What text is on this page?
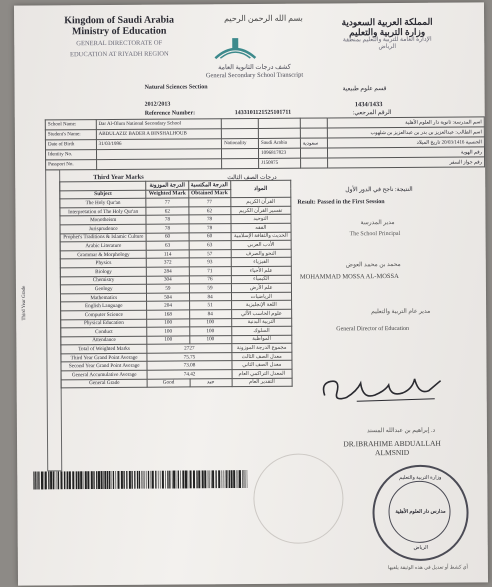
بسم الله الرحمن الرحيم
Kingdom of Saudi Arabia
Ministry of Education
GENERAL DIRECTORATE OF
EDUCATION AT RIYADH REGION
المملكة العربية السعودية
وزارة التربية والتعليم
الإدارة العامة للتربية والتعليم بمنطقة
الرياض
كشف درجات الثانوية العامة
General Secondary School Transcript
Natural Sciences Section	قسم علوم طبيعية
2012/2013	1434/1433
Reference Number:	1433101121525101711	الرقم المرجعي:
School Name:	Dar Al-Olum National Secondary School				اسم المدرسة: ثانوية دار العلوم الأهلية
Student's Name:	ABDULAZIZ BADER A BINSHALHOUB				اسم الطالب: عبدالعزيز بن بدر بن عبدالعزيز بن شلهوب
Date of Birth	31/03/1996	Nationality	Saudi Arabia	سعودية	الجنسية 20/03/1416 تاريخ الميلاد
Identity No.			1096817823		رقم الهوية
Passport No.			J150975		رقم جواز السفر
Third Year Marks	درجات الصف الثالث
Third Year Grade
	الدرجة الموزونة	الدرجة المكتسبة	المواد
Subject	Weighted Mark	Obtained Mark	
The Holy Qur'an	77	77	القرآن الكريم
Interpretation of The Holy Qur'an	62	62	تفسير القرآن الكريم
Monotheism	78	78	التوحيد
Jurisprudence	78	78	الفقه
Prophet's Traditions & Islamic Culture	60	60	الحديث والثقافة الإسلامية
Arabic Literature	63	63	الأدب العربي
Grammar & Morphology	114	57	النحو والصرف
Physics	372	93	الفيزياء
Biology	284	71	علم الأحياء
Chemistry	304	76	الكيمياء
Geology	59	59	علم الأرض
Mathematics	504	84	الرياضيات
English Language	204	51	اللغة الإنجليزية
Computer Science	168	84	علوم الحاسب الآلي
Physical Education	100	100	التربية البدنية
Conduct	100	100	السلوك
Attendance	100	100	المواظبة
Total of Weighted Marks	2727		مجموع الدرجة الموزونة
Third Year Grand Point Average	75.75		معدل الصف الثالث
Second Year Grand Point Average	73.08		معدل الصف الثاني
General Accumulative Average	74.42		المعدل التراكمي العام
General Grade	Good	جيد	التقدير العام
النتيجة: ناجح في الدور الأول
Result: Passed in the First Session
مدير المدرسة
The School Principal
محمد بن محمد العوض
MOHAMMAD MOSSA AL-MOSSA
مدير عام التربية والتعليم
General Director of Education
د. إبراهيم بن عبدالله المسند
DR.IBRAHIME ABDUALLAH
ALMSNID
وزارة التربية والتعليم
مدارس دار العلوم الأهلية
الرياض
أي كشط أو تعديل في هذه الوثيقة يلغيها
